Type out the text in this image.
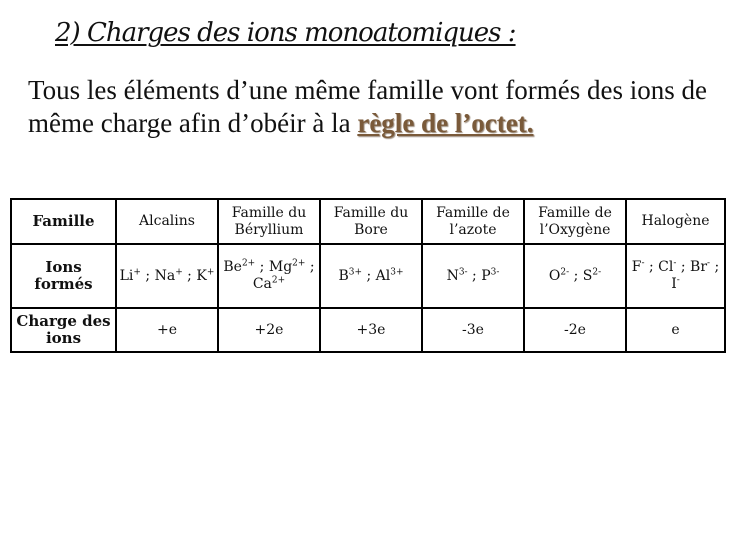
2) Charges des ions monoatomiques :
Tous les éléments d’une même famille vont formés des ions de même charge afin d’obéir à la règle de l’octet.
Famille	Alcalins	Famille du Béryllium	Famille du Bore	Famille de l’azote	Famille de l’Oxygène	Halogène
Ions formés	Li+ ; Na+ ; K+	$Be^{2+}$ ; $Mg^{2+}$ ; $Ca^{2+}$	$B^{3+}$ ; $Al^{3+}$	$N^{3-}$ ; $P^{3-}$	$O^{2-}$ ; $S^{2-}$	F- ; Cl- ; Br- ; I-
Charge des ions	+e	+2e	+3e	-3e	-2e	e
